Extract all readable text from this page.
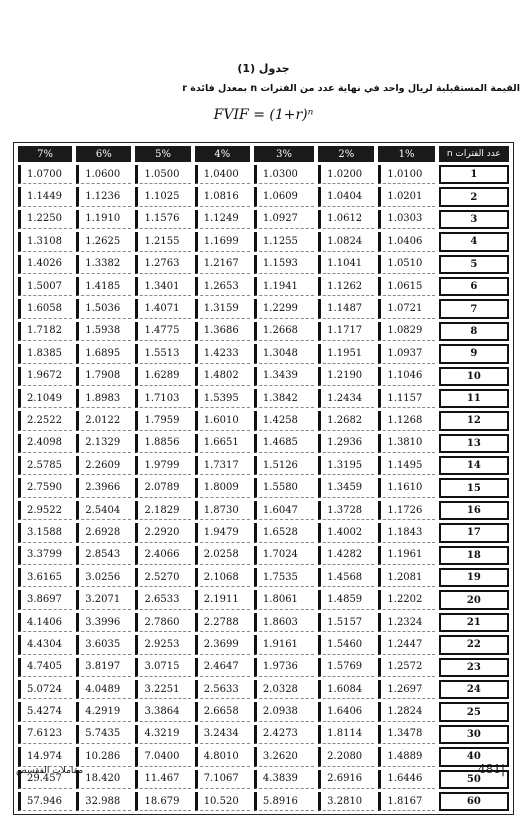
جدول (1)
القيمة المستقبلية لريال واحد في نهاية عدد من الفترات n بمعدل فائدة r
FVIF = (1+r)ⁿ
7%	6%	5%	4%	3%	2%	1%	عدد الفترات n
1.0700	1.0600	1.0500	1.0400	1.0300	1.0200	1.0100	1
1.1449	1.1236	1.1025	1.0816	1.0609	1.0404	1.0201	2
1.2250	1.1910	1.1576	1.1249	1.0927	1.0612	1.0303	3
1.3108	1.2625	1.2155	1.1699	1.1255	1.0824	1.0406	4
1.4026	1.3382	1.2763	1.2167	1.1593	1.1041	1.0510	5
1.5007	1.4185	1.3401	1.2653	1.1941	1.1262	1.0615	6
1.6058	1.5036	1.4071	1.3159	1.2299	1.1487	1.0721	7
1.7182	1.5938	1.4775	1.3686	1.2668	1.1717	1.0829	8
1.8385	1.6895	1.5513	1.4233	1.3048	1.1951	1.0937	9
1.9672	1.7908	1.6289	1.4802	1.3439	1.2190	1.1046	10
2.1049	1.8983	1.7103	1.5395	1.3842	1.2434	1.1157	11
2.2522	2.0122	1.7959	1.6010	1.4258	1.2682	1.1268	12
2.4098	2.1329	1.8856	1.6651	1.4685	1.2936	1.3810	13
2.5785	2.2609	1.9799	1.7317	1.5126	1.3195	1.1495	14
2.7590	2.3966	2.0789	1.8009	1.5580	1.3459	1.1610	15
2.9522	2.5404	2.1829	1.8730	1.6047	1.3728	1.1726	16
3.1588	2.6928	2.2920	1.9479	1.6528	1.4002	1.1843	17
3.3799	2.8543	2.4066	2.0258	1.7024	1.4282	1.1961	18
3.6165	3.0256	2.5270	2.1068	1.7535	1.4568	1.2081	19
3.8697	3.2071	2.6533	2.1911	1.8061	1.4859	1.2202	20
4.1406	3.3996	2.7860	2.2788	1.8603	1.5157	1.2324	21
4.4304	3.6035	2.9253	2.3699	1.9161	1.5460	1.2447	22
4.7405	3.8197	3.0715	2.4647	1.9736	1.5769	1.2572	23
5.0724	4.0489	3.2251	2.5633	2.0328	1.6084	1.2697	24
5.4274	4.2919	3.3864	2.6658	2.0938	1.6406	1.2824	25
7.6123	5.7435	4.3219	3.2434	2.4273	1.8114	1.3478	30
14.974	10.286	7.0400	4.8010	3.2620	2.2080	1.4889	40
29.457	18.420	11.467	7.1067	4.3839	2.6916	1.6446	50
57.946	32.988	18.679	10.520	5.8916	3.2810	1.8167	60
مقاملات الفقسص	481|
